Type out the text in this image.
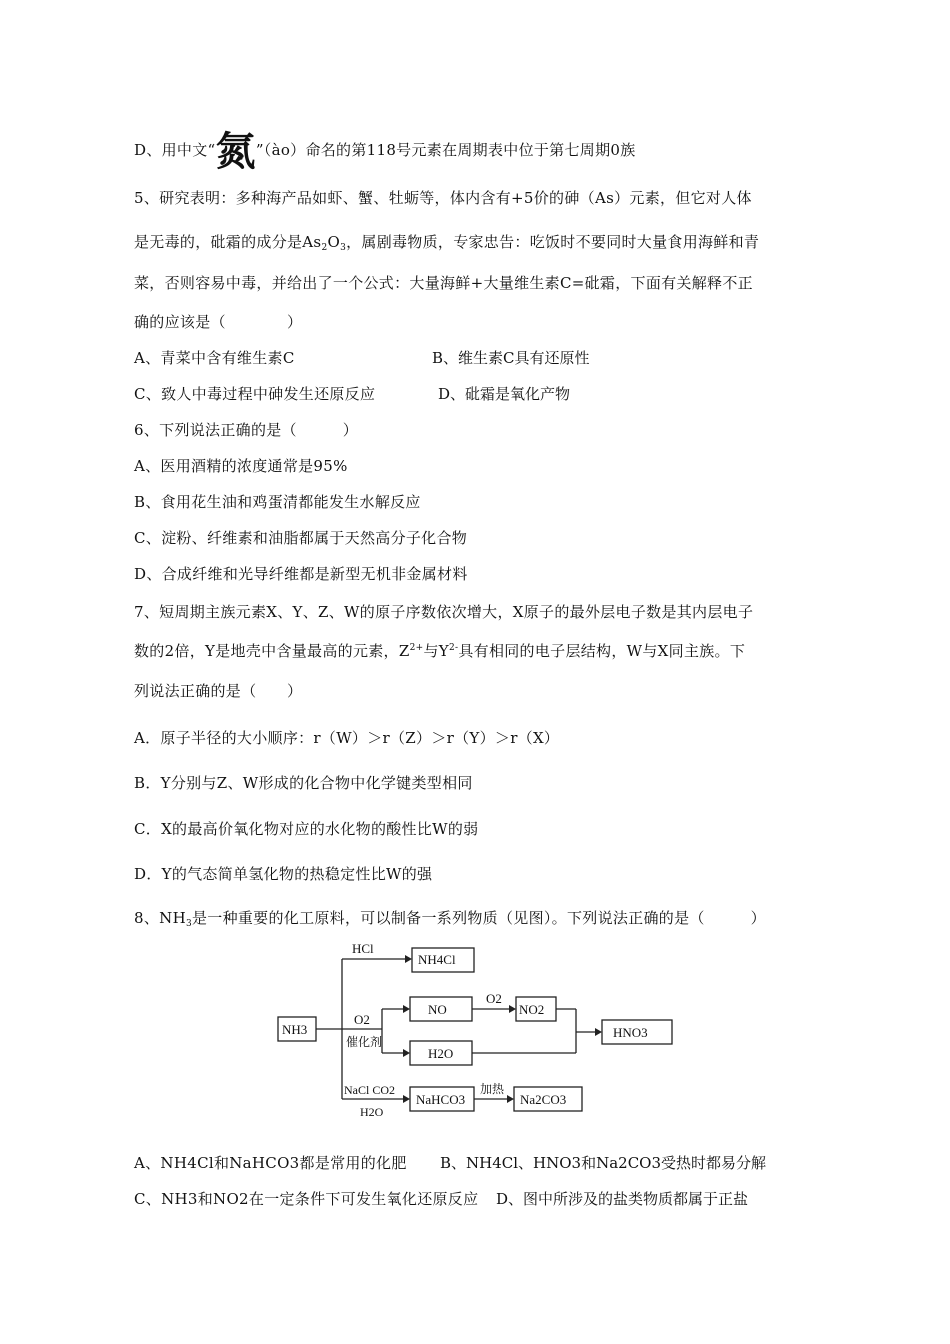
D、用中文“氮”（ào）命名的第118号元素在周期表中位于第七周期0族
5、研究表明：多种海产品如虾、蟹、牡蛎等，体内含有+5价的砷（As）元素，但它对人体
是无毒的，砒霜的成分是$As_2O_3$，属剧毒物质，专家忠告：吃饭时不要同时大量食用海鲜和青
菜，否则容易中毒，并给出了一个公式：大量海鲜+大量维生素C=砒霜，下面有关解释不正
确的应该是（　　　　）
A、青菜中含有维生素C	B、维生素C具有还原性
C、致人中毒过程中砷发生还原反应	D、砒霜是氧化产物
6、下列说法正确的是（　　　）
A、医用酒精的浓度通常是95%
B、食用花生油和鸡蛋清都能发生水解反应
C、淀粉、纤维素和油脂都属于天然高分子化合物
D、合成纤维和光导纤维都是新型无机非金属材料
7、短周期主族元素X、Y、Z、W的原子序数依次增大，X原子的最外层电子数是其内层电子
数的2倍，Y是地壳中含量最高的元素，$Z^{2+}$与$Y^{2-}$具有相同的电子层结构，W与X同主族。下
列说法正确的是（　　）
A．原子半径的大小顺序：r（W）＞r（Z）＞r（Y）＞r（X）
B．Y分别与Z、W形成的化合物中化学键类型相同
C．X的最高价氧化物对应的水化物的酸性比W的弱
D．Y的气态简单氢化物的热稳定性比W的强
8、$NH_3$是一种重要的化工原料，可以制备一系列物质（见图）。下列说法正确的是（　　　）
NH3
HCl
NH4Cl
O2
催化剂
NO
O2
NO2
H2O
HNO3
NaCl CO2
H2O
NaHCO3
加热
Na2CO3
A、NH4Cl和NaHCO3都是常用的化肥 B、NH4Cl、HNO3和Na2CO3受热时都易分解
C、NH3和NO2在一定条件下可发生氧化还原反应 D、图中所涉及的盐类物质都属于正盐
